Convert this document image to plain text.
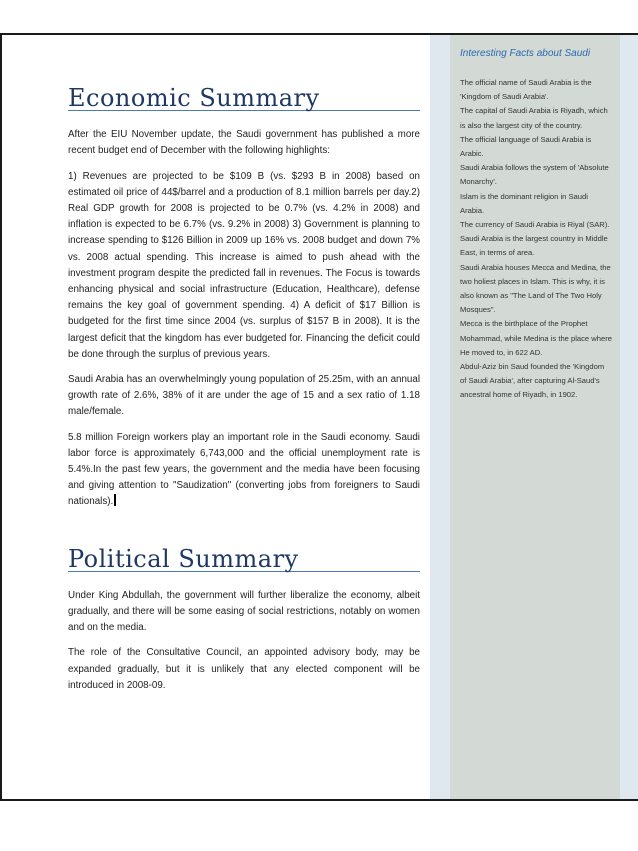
Interesting Facts about Saudi

The official name of Saudi Arabia is the 'Kingdom of Saudi Arabia'.

The capital of Saudi Arabia is Riyadh, which is also the largest city of the country.

The official language of Saudi Arabia is Arabic.

Saudi Arabia follows the system of 'Absolute Monarchy'.

Islam is the dominant religion in Saudi Arabia.

The currency of Saudi Arabia is Riyal (SAR).

Saudi Arabia is the largest country in Middle East, in terms of area.

Saudi Arabia houses Mecca and Medina, the two holiest places in Islam. This is why, it is also known as "The Land of The Two Holy Mosques".

Mecca is the birthplace of the Prophet Mohammad, while Medina is the place where He moved to, in 622 AD.

Abdul-Aziz bin Saud founded the 'Kingdom of Saudi Arabia', after capturing Al-Saud's ancestral home of Riyadh, in 1902.

Economic Summary

After the EIU November update, the Saudi government has published a more recent budget end of December with the following highlights:

1) Revenues are projected to be $109 B (vs. $293 B in 2008) based on estimated oil price of 44$/barrel and a production of 8.1 million barrels per day.2) Real GDP growth for 2008 is projected to be 0.7% (vs. 4.2% in 2008) and inflation is expected to be 6.7% (vs. 9.2% in 2008) 3) Government is planning to increase spending to $126 Billion in 2009 up 16% vs. 2008 budget and down 7% vs. 2008 actual spending. This increase is aimed to push ahead with the investment program despite the predicted fall in revenues. The Focus is towards enhancing physical and social infrastructure (Education, Healthcare), defense remains the key goal of government spending. 4) A deficit of $17 Billion is budgeted for the first time since 2004 (vs. surplus of $157 B in 2008). It is the largest deficit that the kingdom has ever budgeted for. Financing the deficit could be done through the surplus of previous years.

Saudi Arabia has an overwhelmingly young population of 25.25m, with an annual growth rate of 2.6%, 38% of it are under the age of 15 and a sex ratio of 1.18 male/female.

5.8 million Foreign workers play an important role in the Saudi economy. Saudi labor force is approximately 6,743,000 and the official unemployment rate is 5.4%.In the past few years, the government and the media have been focusing and giving attention to "Saudization" (converting jobs from foreigners to Saudi nationals).

Political Summary

Under King Abdullah, the government will further liberalize the economy, albeit gradually, and there will be some easing of social restrictions, notably on women and on the media.

The role of the Consultative Council, an appointed advisory body, may be expanded gradually, but it is unlikely that any elected component will be introduced in 2008-09.
